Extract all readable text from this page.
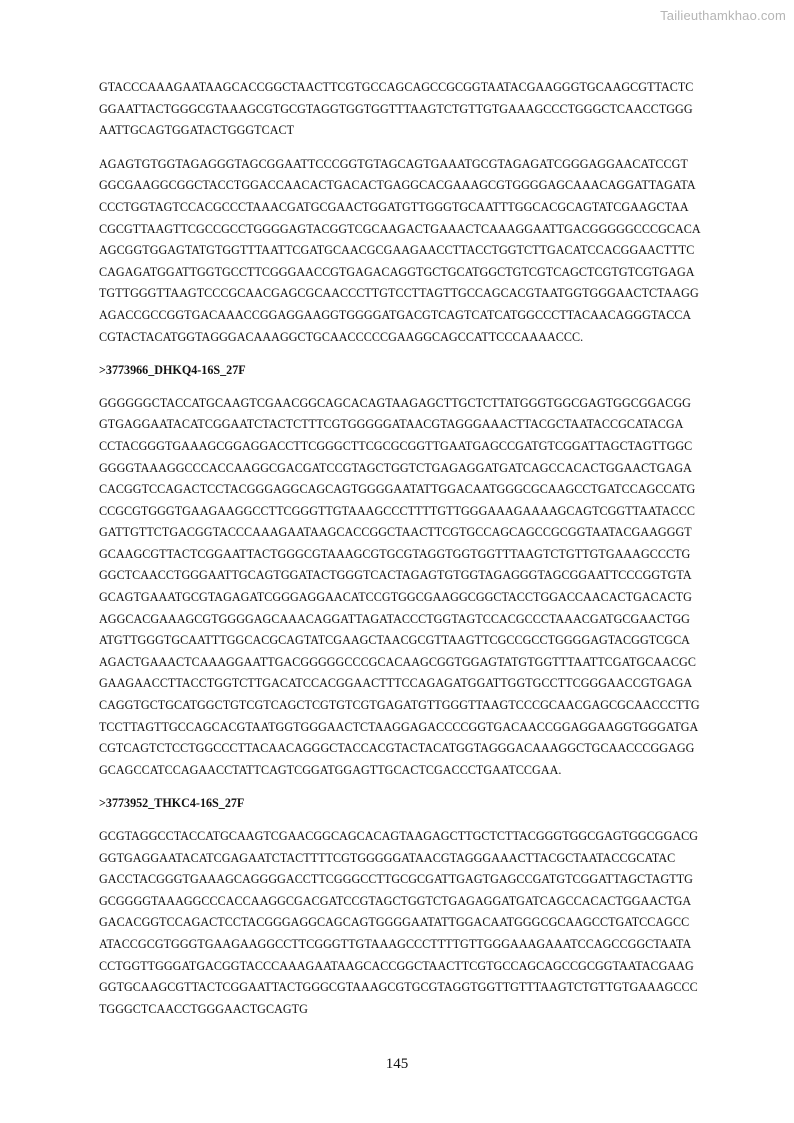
Tailieuthamkhao.com
GTACCCAAAGAATAAGCACCGGCTAACTTCGTGCCAGCAGCCGCGGTAATACGAAGGGTGCAAGCGTTACTC
GGAATTACTGGGCGTAAAGCGTGCGTAGGTGGTGGTTTAAGTCTGTTGTGAAAGCCCTGGGCTCAACCTGGG
AATTGCAGTGGATACTGGGTCACT
AGAGTGTGGTAGAGGGTAGCGGAATTCCCGGTGTAGCAGTGAAATGCGTAGAGATCGGGAGGAACATCCGT
GGCGAAGGCGGCTACCTGGACCAACACTGACACTGAGGCACGAAAGCGTGGGGAGCAAACAGGATTAGATA
CCCTGGTAGTCCACGCCCTAAACGATGCGAACTGGATGTTGGGTGCAATTTGGCACGCAGTATCGAAGCTAA
CGCGTTAAGTTCGCCGCCTGGGGAGTACGGTCGCAAGACTGAAACTCAAAGGAATTGACGGGGGCCCGCACA
AGCGGTGGAGTATGTGGTTTAATTCGATGCAACGCGAAGAACCTTACCTGGTCTTGACATCCACGGAACTTTC
CAGAGATGGATTGGTGCCTTCGGGAACCGTGAGACAGGTGCTGCATGGCTGTCGTCAGCTCGTGTCGTGAGA
TGTTGGGTTAAGTCCCGCAACGAGCGCAACCCTTGTCCTTAGTTGCCAGCACGTAATGGTGGGAACTCTAAGG
AGACCGCCGGTGACAAACCGGAGGAAGGTGGGGATGACGTCAGTCATCATGGCCCTTACAACAGGGTACCA
CGTACTACATGGTAGGGACAAAGGCTGCAACCCCCGAAGGCAGCCATTCCCAAAACCC.
>3773966_DHKQ4-16S_27F
GGGGGGCTACCATGCAAGTCGAACGGCAGCACAGTAAGAGCTTGCTCTTATGGGTGGCGAGTGGCGGACGG
GTGAGGAATACATCGGAATCTACTCTTTCGTGGGGGATAACGTAGGGAAACTTACGCTAATACCGCATACGA
CCTACGGGTGAAAGCGGAGGACCTTCGGGCTTCGCGCGGTTGAATGAGCCGATGTCGGATTAGCTAGTTGGC
GGGGTAAAGGCCCACCAAGGCGACGATCCGTAGCTGGTCTGAGAGGATGATCAGCCACACTGGAACTGAGA
CACGGTCCAGACTCCTACGGGAGGCAGCAGTGGGGAATATTGGACAATGGGCGCAAGCCTGATCCAGCCATG
CCGCGTGGGTGAAGAAGGCCTTCGGGTTGTAAAGCCCTTTTGTTGGGAAAGAAAAGCAGTCGGTTAATACCC
GATTGTTCTGACGGTACCCAAAGAATAAGCACCGGCTAACTTCGTGCCAGCAGCCGCGGTAATACGAAGGGT
GCAAGCGTTACTCGGAATTACTGGGCGTAAAGCGTGCGTAGGTGGTGGTTTAAGTCTGTTGTGAAAGCCCTG
GGCTCAACCTGGGAATTGCAGTGGATACTGGGTCACTAGAGTGTGGTAGAGGGTAGCGGAATTCCCGGTGTA
GCAGTGAAATGCGTAGAGATCGGGAGGAACATCCGTGGCGAAGGCGGCTACCTGGACCAACACTGACACTG
AGGCACGAAAGCGTGGGGAGCAAACAGGATTAGATACCCTGGTAGTCCACGCCCTAAACGATGCGAACTGG
ATGTTGGGTGCAATTTGGCACGCAGTATCGAAGCTAACGCGTTAAGTTCGCCGCCTGGGGAGTACGGTCGCA
AGACTGAAACTCAAAGGAATTGACGGGGGCCCGCACAAGCGGTGGAGTATGTGGTTTAATTCGATGCAACGC
GAAGAACCTTACCTGGTCTTGACATCCACGGAACTTTCCAGAGATGGATTGGTGCCTTCGGGAACCGTGAGA
CAGGTGCTGCATGGCTGTCGTCAGCTCGTGTCGTGAGATGTTGGGTTAAGTCCCGCAACGAGCGCAACCCTTG
TCCTTAGTTGCCAGCACGTAATGGTGGGAACTCTAAGGAGACCCCGGTGACAACCGGAGGAAGGTGGGATGA
CGTCAGTCTCCTGGCCCTTACAACAGGGCTACCACGTACTACATGGTAGGGACAAAGGCTGCAACCCGGAGG
GCAGCCATCCAGAACCTATTCAGTCGGATGGAGTTGCACTCGACCCTGAATCCGAA.
>3773952_THKC4-16S_27F
GCGTAGGCCTACCATGCAAGTCGAACGGCAGCACAGTAAGAGCTTGCTCTTACGGGTGGCGAGTGGCGGACG
GGTGAGGAATACATCGAGAATCTACTTTTCGTGGGGGATAACGTAGGGAAACTTACGCTAATACCGCATAC
GACCTACGGGTGAAAGCAGGGGACCTTCGGGCCTTGCGCGATTGAGTGAGCCGATGTCGGATTAGCTAGTTG
GCGGGGTAAAGGCCCACCAAGGCGACGATCCGTAGCTGGTCTGAGAGGATGATCAGCCACACTGGAACTGA
GACACGGTCCAGACTCCTACGGGAGGCAGCAGTGGGGAATATTGGACAATGGGCGCAAGCCTGATCCAGCC
ATACCGCGTGGGTGAAGAAGGCCTTCGGGTTGTAAAGCCCTTTTGTTGGGAAAGAAATCCAGCCGGCTAATA
CCTGGTTGGGATGACGGTACCCAAAGAATAAGCACCGGCTAACTTCGTGCCAGCAGCCGCGGTAATACGAAG
GGTGCAAGCGTTACTCGGAATTACTGGGCGTAAAGCGTGCGTAGGTGGTTGTTTAAGTCTGTTGTGAAAGCCC
TGGGCTCAACCTGGGAACTGCAGTG
145
